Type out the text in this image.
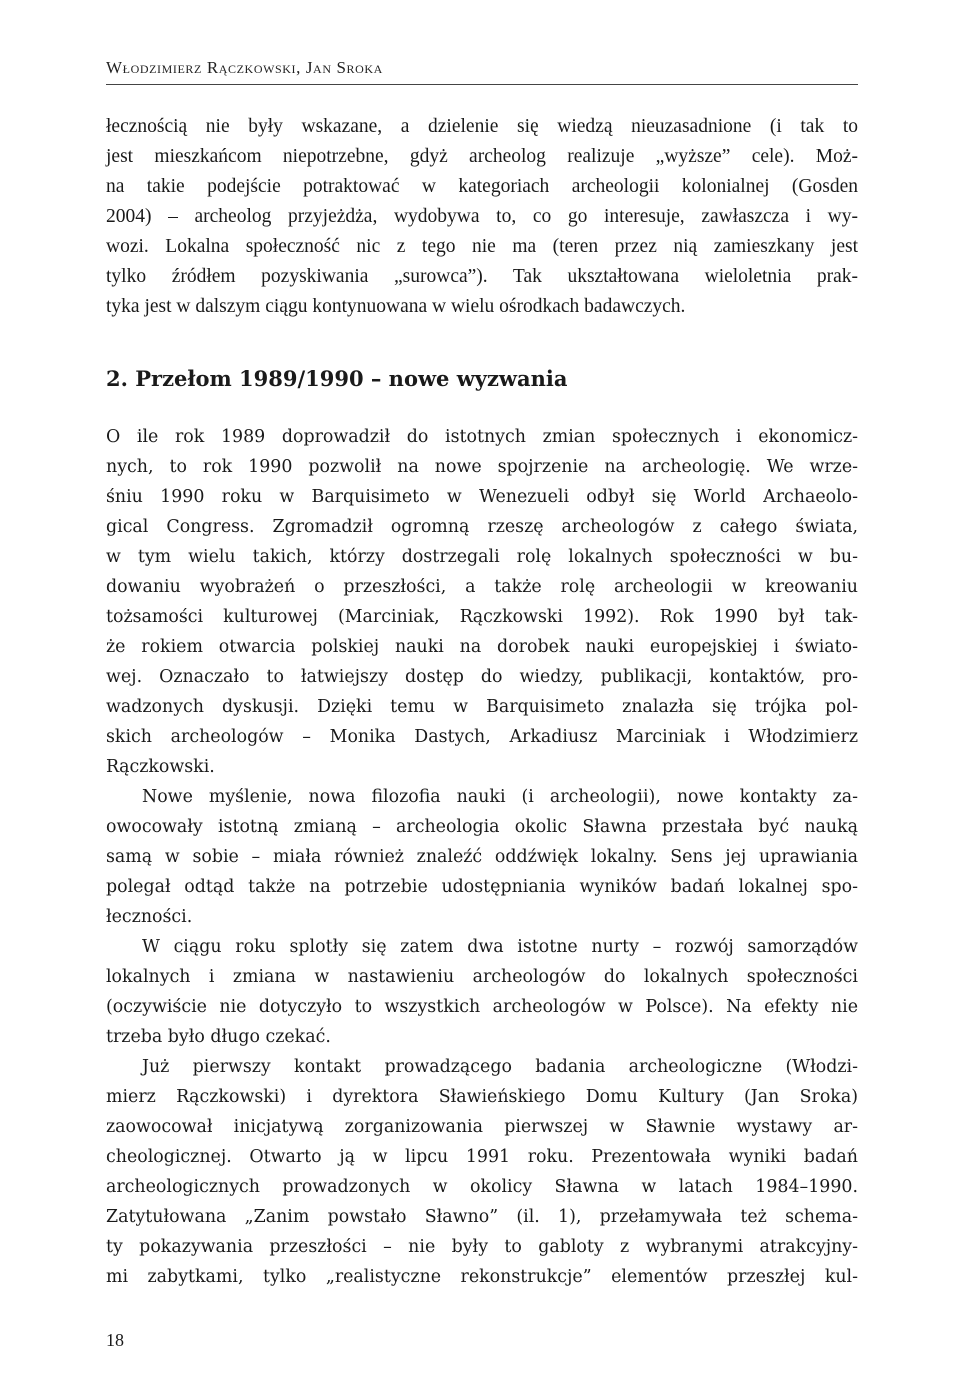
Włodzimierz Rączkowski, Jan Sroka
łecznością nie były wskazane, a dzielenie się wiedzą nieuzasadnione (i tak to
jest mieszkańcom niepotrzebne, gdyż archeolog realizuje „wyższe” cele). Moż-
na takie podejście potraktować w kategoriach archeologii kolonialnej (Gosden
2004) – archeolog przyjeżdża, wydobywa to, co go interesuje, zawłaszcza i wy-
wozi. Lokalna społeczność nic z tego nie ma (teren przez nią zamieszkany jest
tylko źródłem pozyskiwania „surowca”). Tak ukształtowana wieloletnia prak-
tyka jest w dalszym ciągu kontynuowana w wielu ośrodkach badawczych.
2. Przełom 1989/1990 – nowe wyzwania
O ile rok 1989 doprowadził do istotnych zmian społecznych i ekonomicz-
nych, to rok 1990 pozwolił na nowe spojrzenie na archeologię. We wrze-
śniu 1990 roku w Barquisimeto w Wenezueli odbył się World Archaeolo-
gical Congress. Zgromadził ogromną rzeszę archeologów z całego świata,
w tym wielu takich, którzy dostrzegali rolę lokalnych społeczności w bu-
dowaniu wyobrażeń o przeszłości, a także rolę archeologii w kreowaniu
tożsamości kulturowej (Marciniak, Rączkowski 1992). Rok 1990 był tak-
że rokiem otwarcia polskiej nauki na dorobek nauki europejskiej i świato-
wej. Oznaczało to łatwiejszy dostęp do wiedzy, publikacji, kontaktów, pro-
wadzonych dyskusji. Dzięki temu w Barquisimeto znalazła się trójka pol-
skich archeologów – Monika Dastych, Arkadiusz Marciniak i Włodzimierz
Rączkowski.
Nowe myślenie, nowa filozofia nauki (i archeologii), nowe kontakty za-
owocowały istotną zmianą – archeologia okolic Sławna przestała być nauką
samą w sobie – miała również znaleźć oddźwięk lokalny. Sens jej uprawiania
polegał odtąd także na potrzebie udostępniania wyników badań lokalnej spo-
łeczności.
W ciągu roku splotły się zatem dwa istotne nurty – rozwój samorządów
lokalnych i zmiana w nastawieniu archeologów do lokalnych społeczności
(oczywiście nie dotyczyło to wszystkich archeologów w Polsce). Na efekty nie
trzeba było długo czekać.
Już pierwszy kontakt prowadzącego badania archeologiczne (Włodzi-
mierz Rączkowski) i dyrektora Sławieńskiego Domu Kultury (Jan Sroka)
zaowocował inicjatywą zorganizowania pierwszej w Sławnie wystawy ar-
cheologicznej. Otwarto ją w lipcu 1991 roku. Prezentowała wyniki badań
archeologicznych prowadzonych w okolicy Sławna w latach 1984–1990.
Zatytułowana „Zanim powstało Sławno” (il. 1), przełamywała też schema-
ty pokazywania przeszłości – nie były to gabloty z wybranymi atrakcyjny-
mi zabytkami, tylko „realistyczne rekonstrukcje” elementów przeszłej kul-
18
